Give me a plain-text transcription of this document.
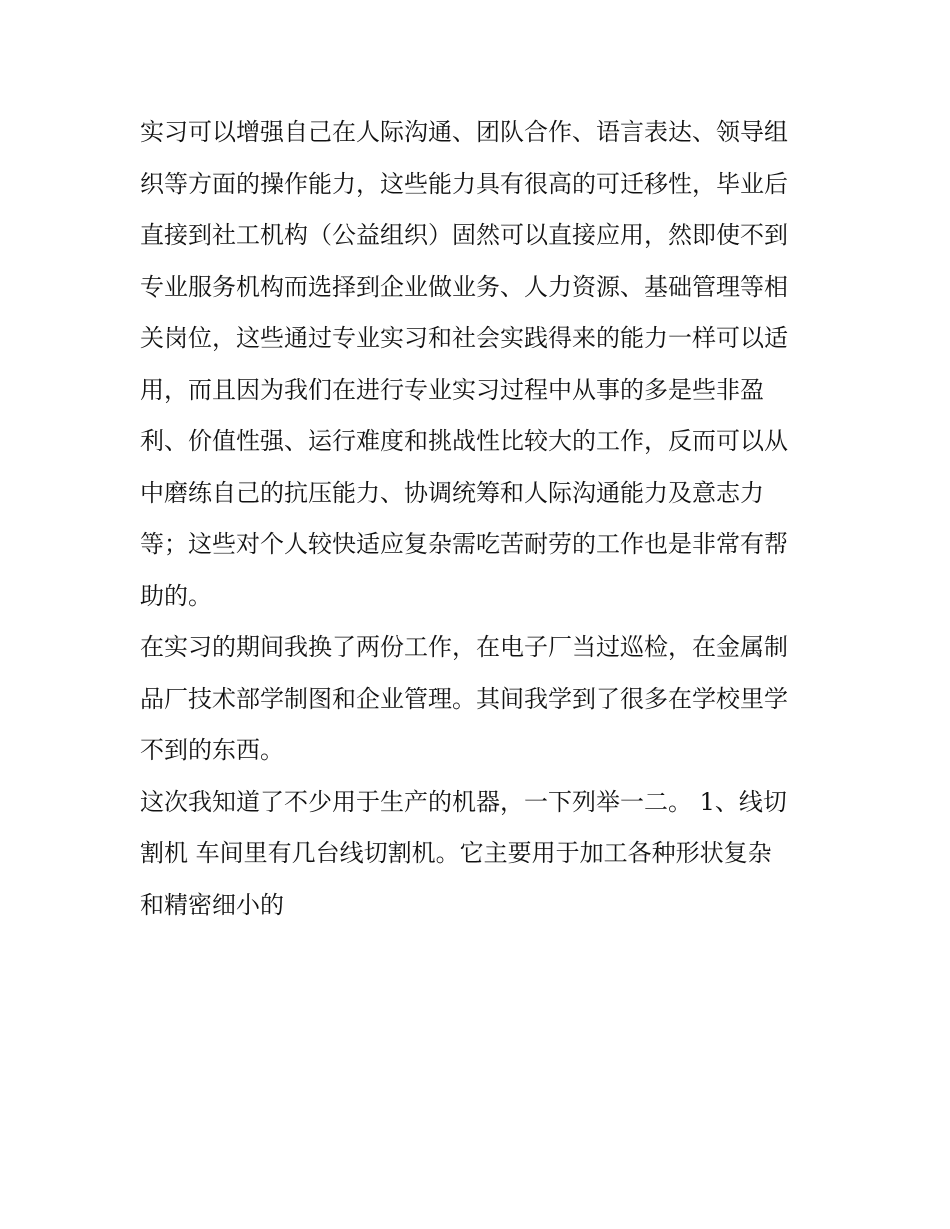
实习可以增强自己在人际沟通、团队合作、语言表达、领导组
织等方面的操作能力，这些能力具有很高的可迁移性，毕业后
直接到社工机构（公益组织）固然可以直接应用，然即使不到
专业服务机构而选择到企业做业务、人力资源、基础管理等相
关岗位，这些通过专业实习和社会实践得来的能力一样可以适
用，而且因为我们在进行专业实习过程中从事的多是些非盈
利、价值性强、运行难度和挑战性比较大的工作，反而可以从
中磨练自己的抗压能力、协调统筹和人际沟通能力及意志力
等；这些对个人较快适应复杂需吃苦耐劳的工作也是非常有帮
助的。
在实习的期间我换了两份工作，在电子厂当过巡检，在金属制
品厂技术部学制图和企业管理。其间我学到了很多在学校里学
不到的东西。
这次我知道了不少用于生产的机器，一下列举一二。 1、线切
割机 车间里有几台线切割机。它主要用于加工各种形状复杂
和精密细小的
